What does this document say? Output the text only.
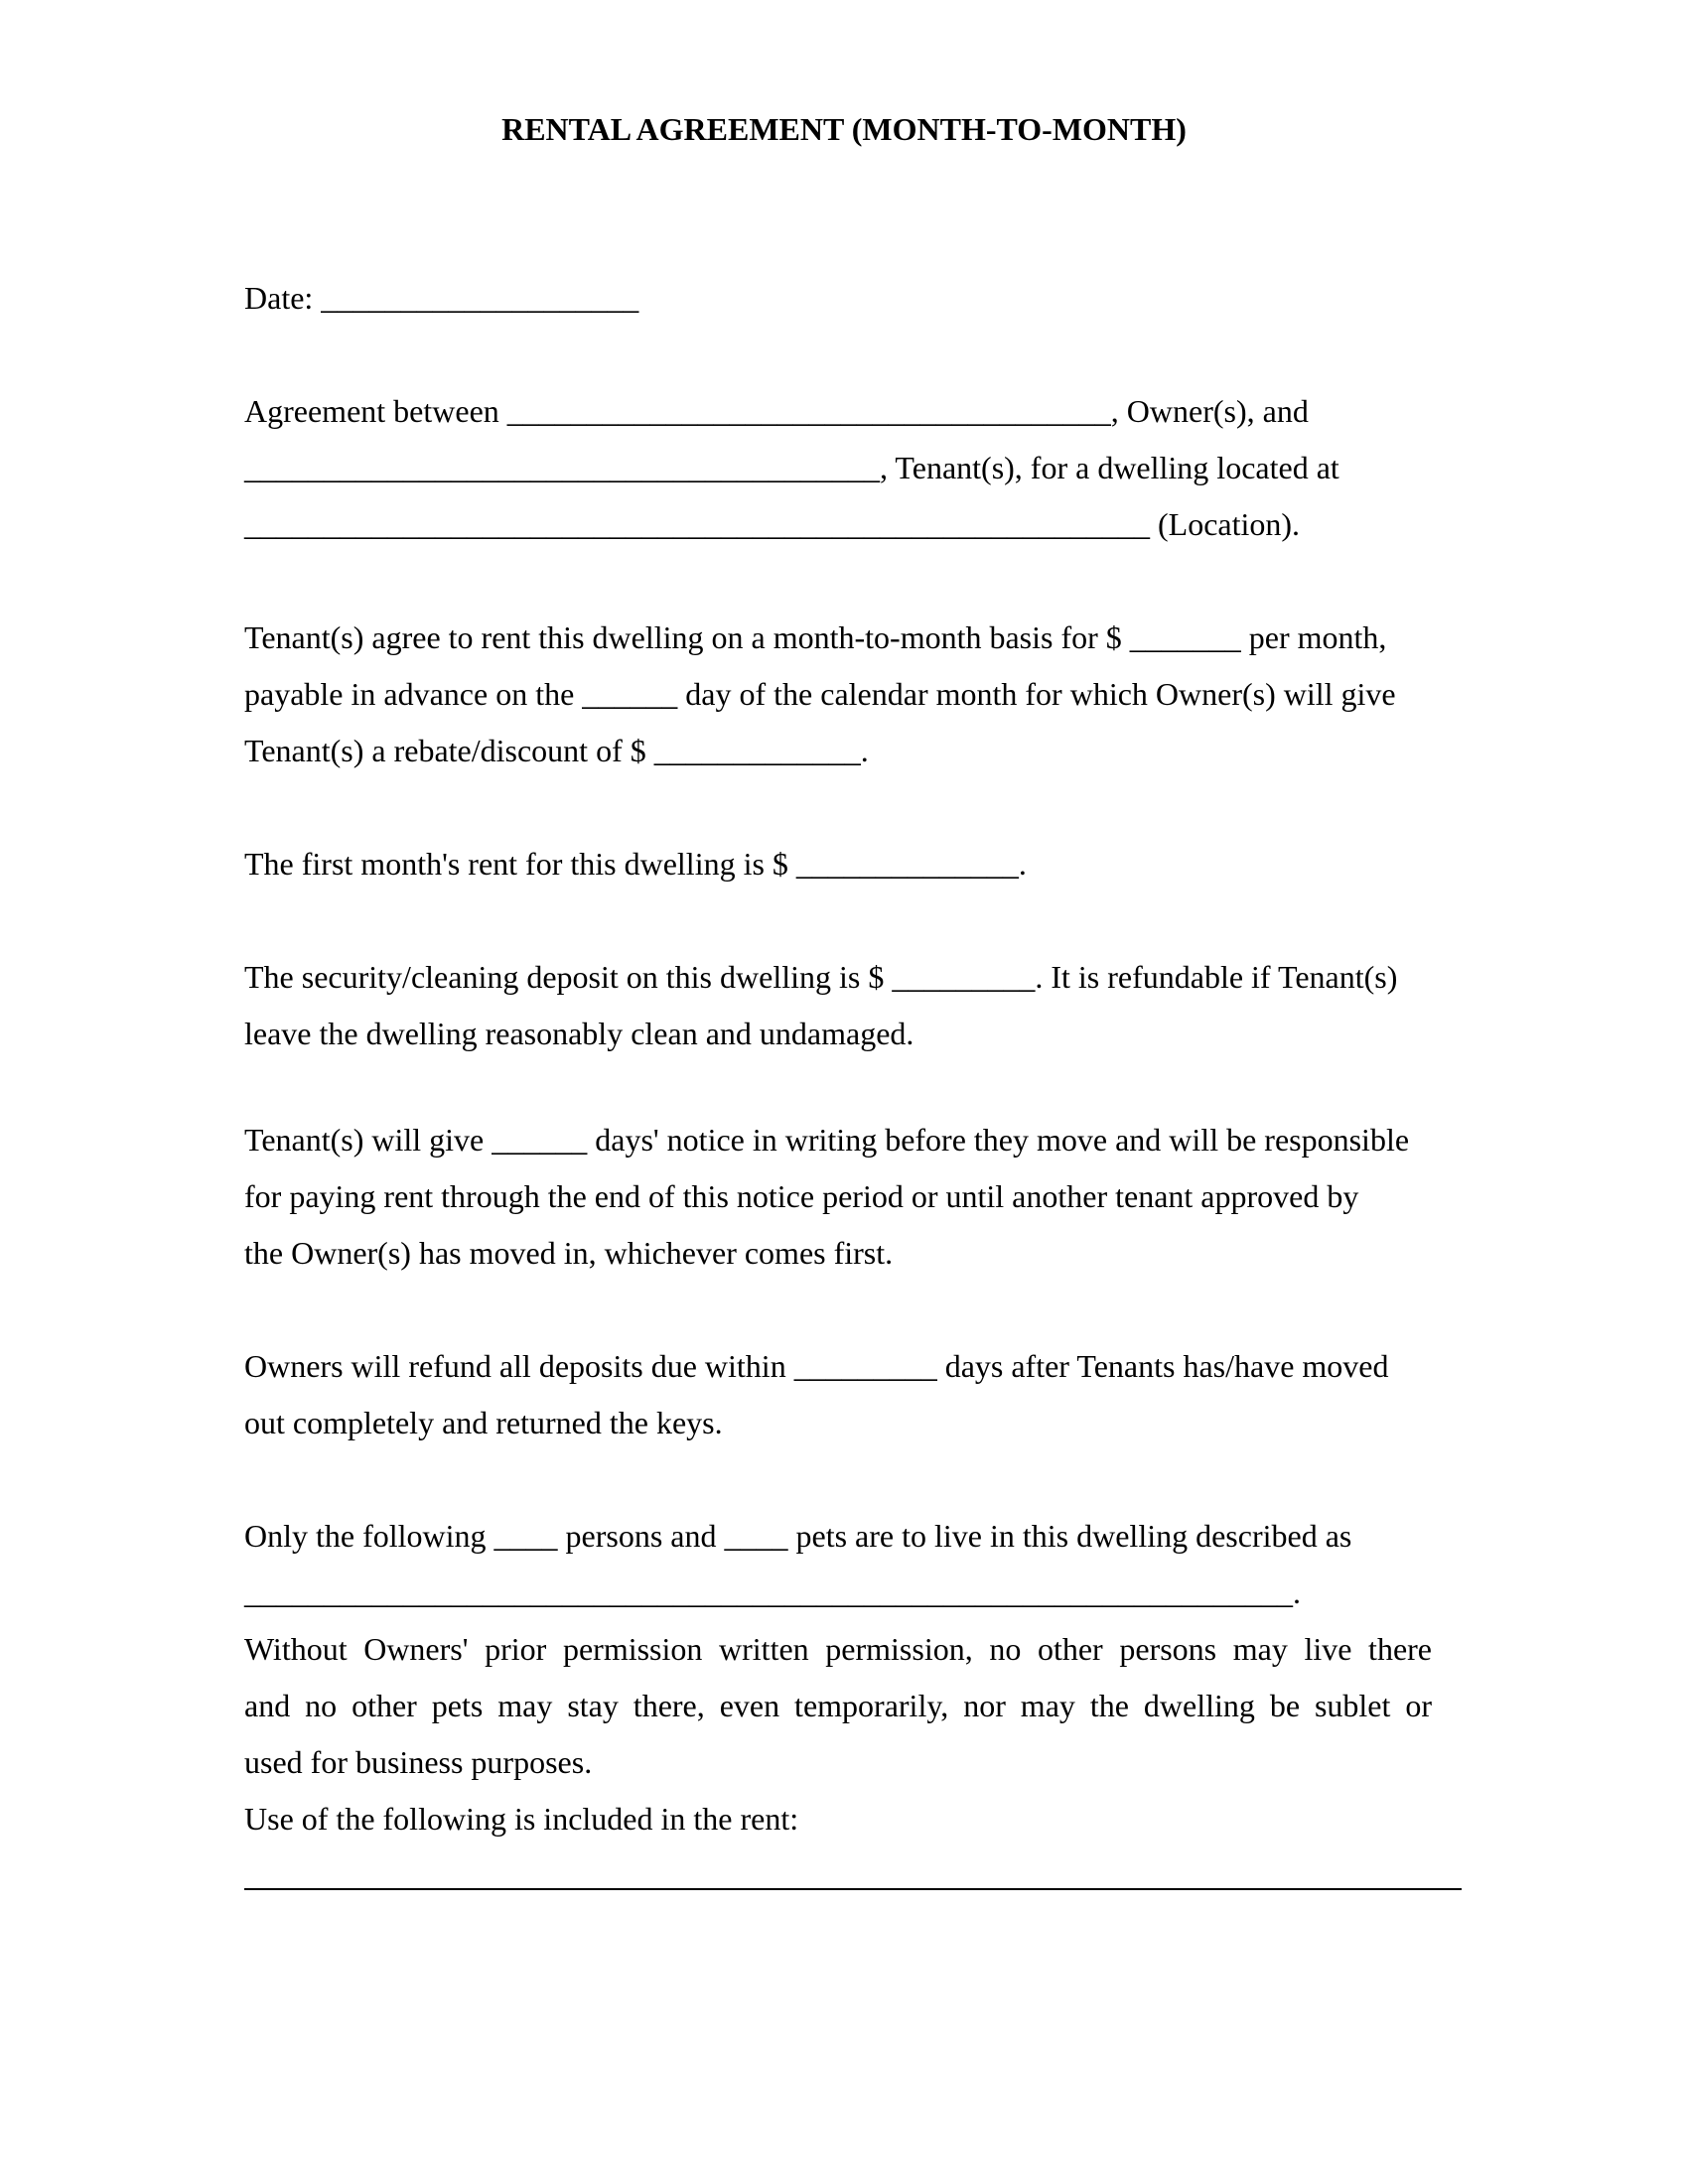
RENTAL AGREEMENT (MONTH-TO-MONTH)
Date: ____________________
Agreement between ______________________________________, Owner(s), and
________________________________________, Tenant(s), for a dwelling located at
_________________________________________________________ (Location).
Tenant(s) agree to rent this dwelling on a month-to-month basis for $ _______ per month,
payable in advance on the ______ day of the calendar month for which Owner(s) will give
Tenant(s) a rebate/discount of $ _____________.
The first month's rent for this dwelling is $ ______________.
The security/cleaning deposit on this dwelling is $ _________. It is refundable if Tenant(s)
leave the dwelling reasonably clean and undamaged.
Tenant(s) will give ______ days' notice in writing before they move and will be responsible
for paying rent through the end of this notice period or until another tenant approved by
the Owner(s) has moved in, whichever comes first.
Owners will refund all deposits due within _________ days after Tenants has/have moved
out completely and returned the keys.
Only the following ____ persons and ____ pets are to live in this dwelling described as
__________________________________________________________________.
Without Owners' prior permission written permission, no other persons may live there
and no other pets may stay there, even temporarily, nor may the dwelling be sublet or
used for business purposes.
Use of the following is included in the rent:
